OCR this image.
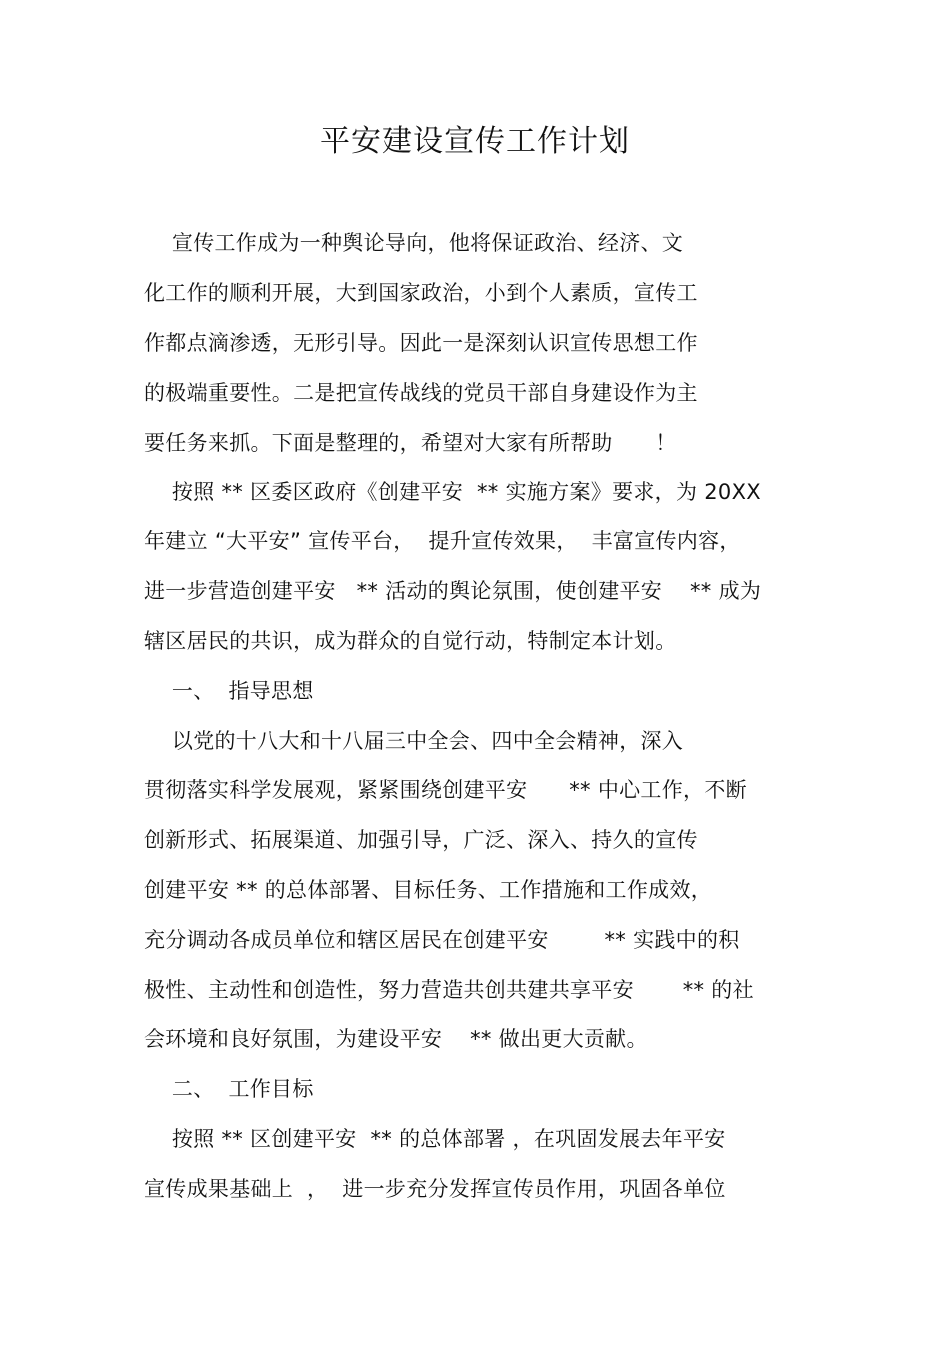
平安建设宣传工作计划
宣传工作成为一种舆论导向，他将保证政治、经济、文
化工作的顺利开展，大到国家政治，小到个人素质，宣传工
作都点滴渗透，无形引导。因此一是深刻认识宣传思想工作
的极端重要性。二是把宣传战线的党员干部自身建设作为主
要任务来抓。下面是整理的，希望对大家有所帮助　　！
按照 ** 区委区政府《创建平安  ** 实施方案》要求，为 20XX
年建立 “大平安” 宣传平台，  提升宣传效果，  丰富宣传内容，
进一步营造创建平安   ** 活动的舆论氛围，使创建平安    ** 成为
辖区居民的共识，成为群众的自觉行动，特制定本计划。
一、  指导思想
以党的十八大和十八届三中全会、四中全会精神，深入
贯彻落实科学发展观，紧紧围绕创建平安      ** 中心工作，不断
创新形式、拓展渠道、加强引导，广泛、深入、持久的宣传
创建平安 ** 的总体部署、目标任务、工作措施和工作成效，
充分调动各成员单位和辖区居民在创建平安        ** 实践中的积
极性、主动性和创造性，努力营造共创共建共享平安       ** 的社
会环境和良好氛围，为建设平安    ** 做出更大贡献。
二、  工作目标
按照 ** 区创建平安  ** 的总体部署 ，在巩固发展去年平安
宣传成果基础上  ，  进一步充分发挥宣传员作用，巩固各单位
